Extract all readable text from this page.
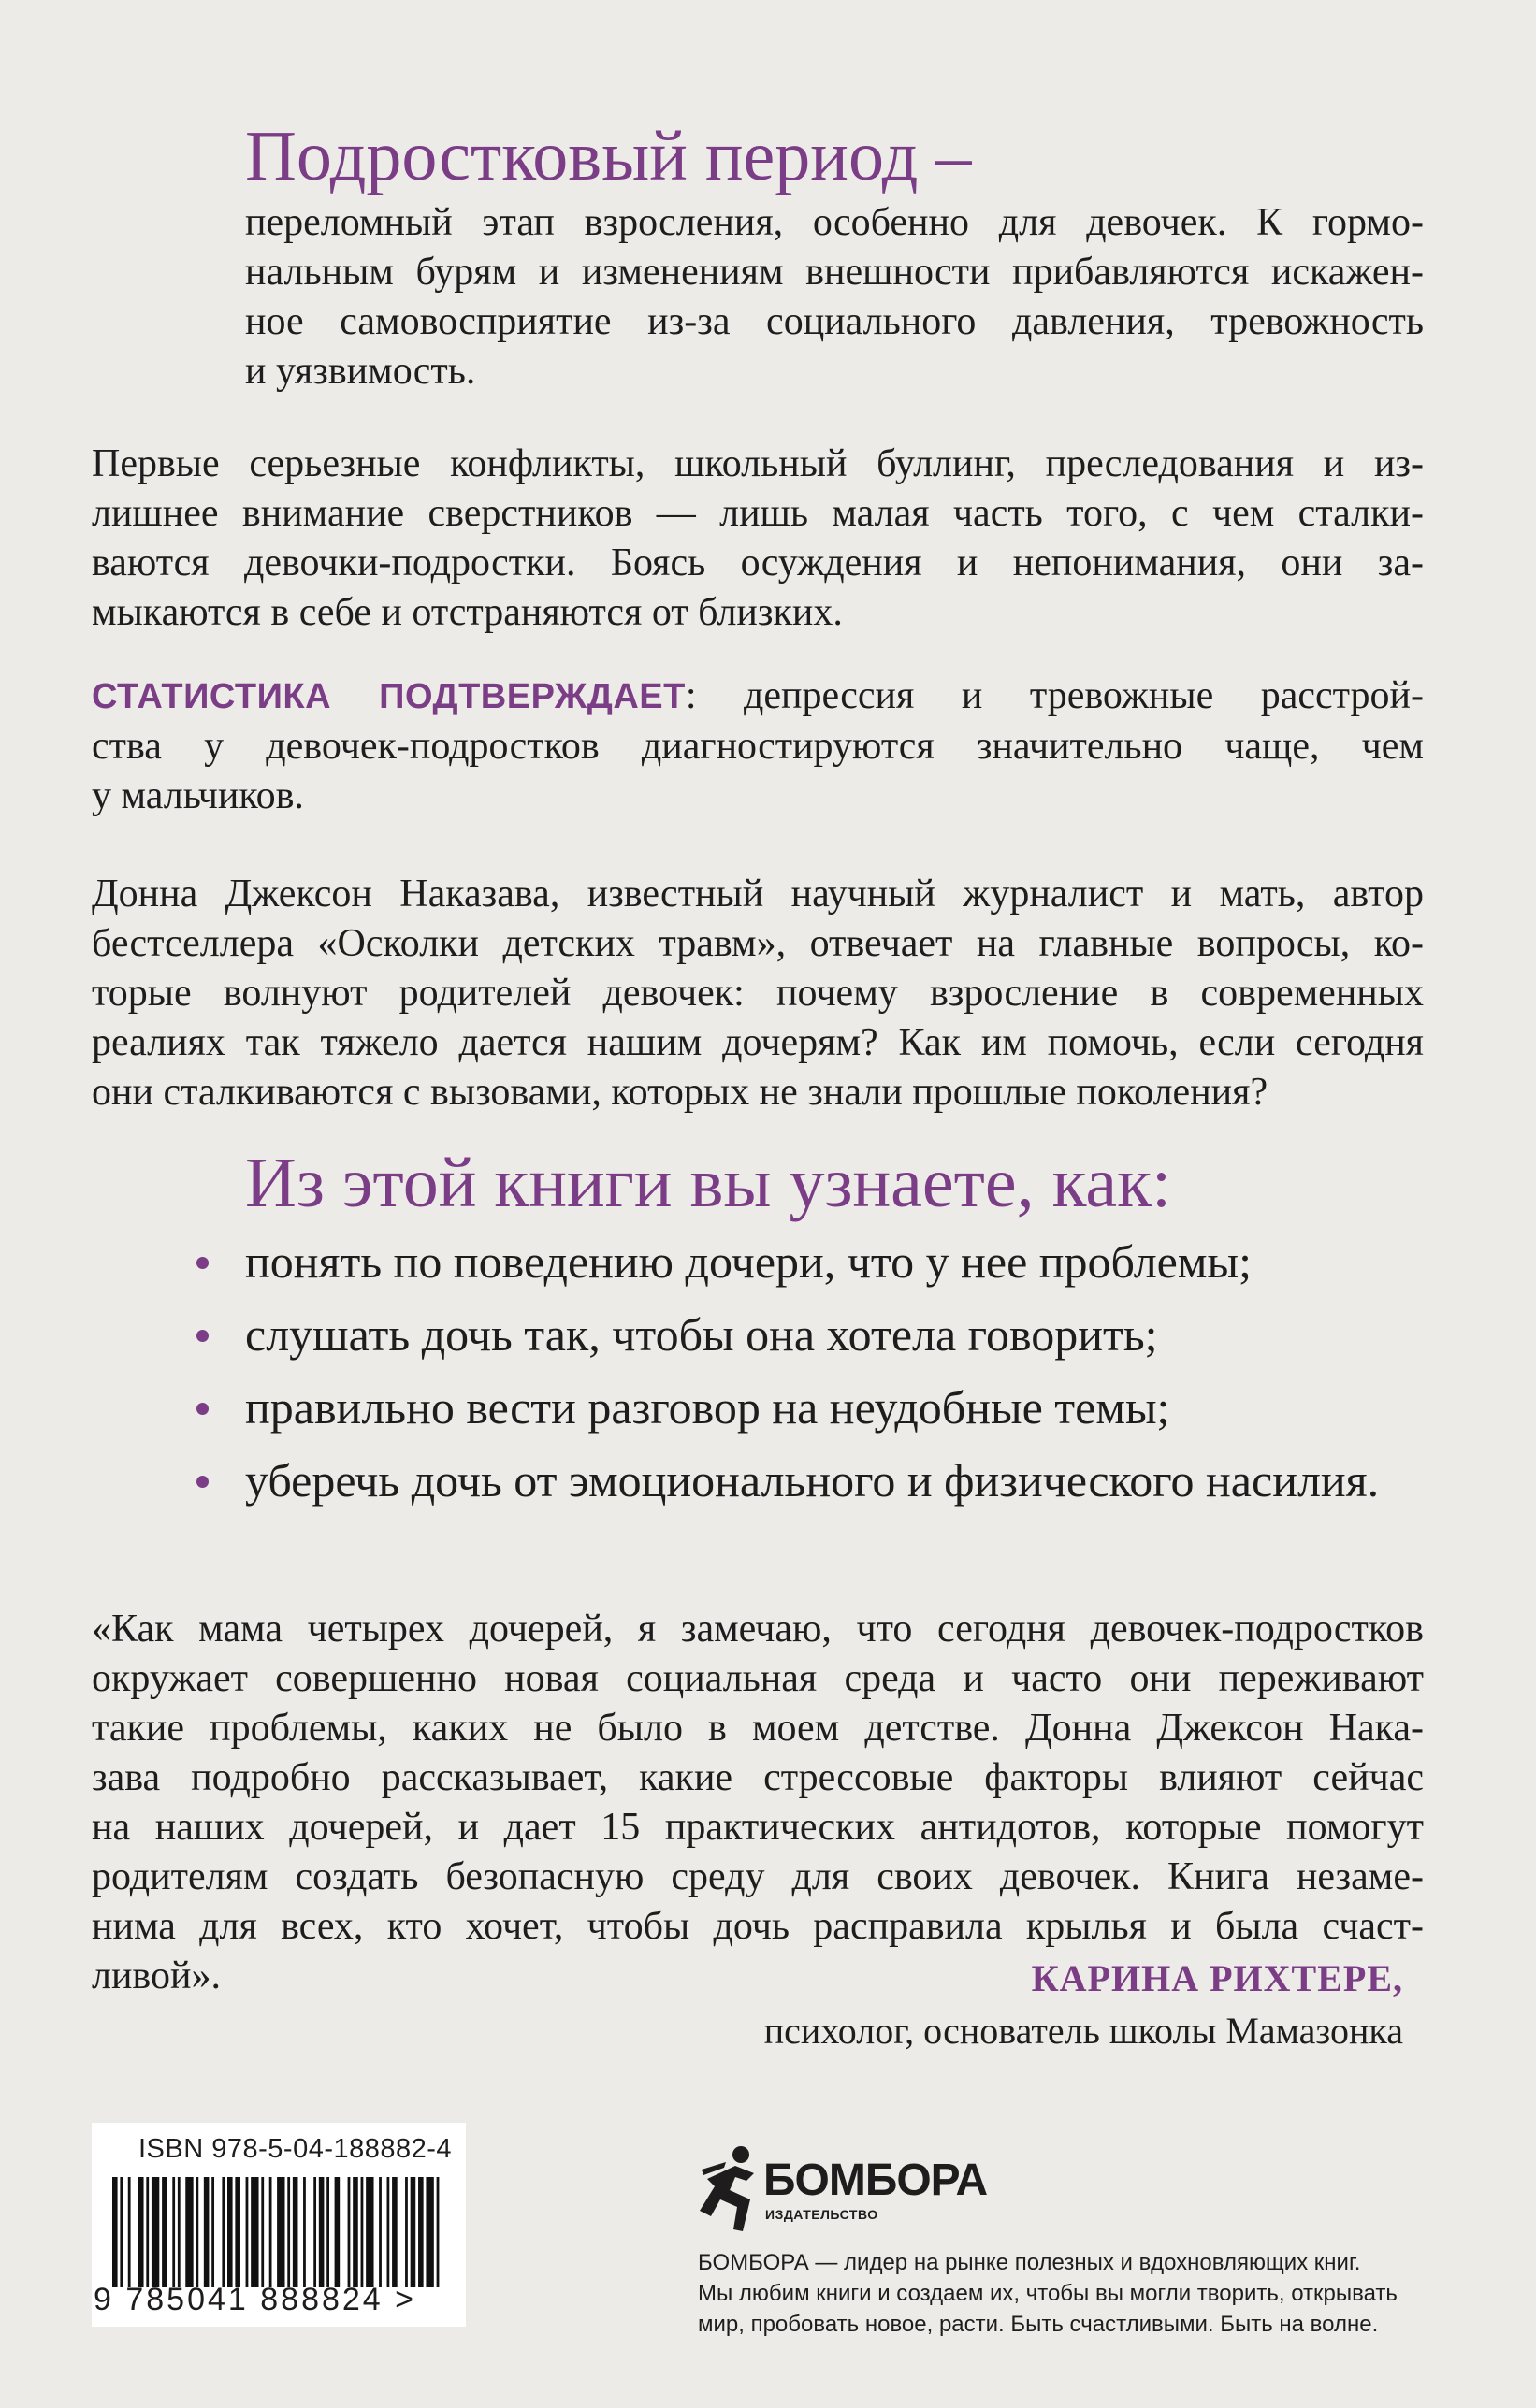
Подростковый период –

переломный этап взросления, особенно для девочек. К гормо-
нальным бурям и изменениям внешности прибавляются искажен-
ное самовосприятие из-за социального давления, тревожность
и уязвимость.

Первые серьезные конфликты, школьный буллинг, преследования и из-
лишнее внимание сверстников — лишь малая часть того, с чем сталки-
ваются девочки-подростки. Боясь осуждения и непонимания, они за-
мыкаются в себе и отстраняются от близких.

СТАТИСТИКА ПОДТВЕРЖДАЕТ: депрессия и тревожные расстрой-
ства у девочек-подростков диагностируются значительно чаще, чем
у мальчиков.

Донна Джексон Наказава, известный научный журналист и мать, автор
бестселлера «Осколки детских травм», отвечает на главные вопросы, ко-
торые волнуют родителей девочек: почему взросление в современных
реалиях так тяжело дается нашим дочерям? Как им помочь, если сегодня
они сталкиваются с вызовами, которых не знали прошлые поколения?

Из этой книги вы узнаете, как:
понять по поведению дочери, что у нее проблемы;
слушать дочь так, чтобы она хотела говорить;
правильно вести разговор на неудобные темы;
уберечь дочь от эмоционального и физического насилия.

«Как мама четырех дочерей, я замечаю, что сегодня девочек-подростков
окружает совершенно новая социальная среда и часто они переживают
такие проблемы, каких не было в моем детстве. Донна Джексон Нака-
зава подробно рассказывает, какие стрессовые факторы влияют сейчас
на наших дочерей, и дает 15 практических антидотов, которые помогут
родителям создать безопасную среду для своих девочек. Книга незаме-
нима для всех, кто хочет, чтобы дочь расправила крылья и была счаст-
ливой».	КАРИНА РИХТЕРЕ,
психолог, основатель школы Мамазонка
ISBN 978-5-04-188882-4
9 785041 888824 >
БОМБОРА
ИЗДАТЕЛЬСТВО
БОМБОРА — лидер на рынке полезных и вдохновляющих книг.
Мы любим книги и создаем их, чтобы вы могли творить, открывать
мир, пробовать новое, расти. Быть счастливыми. Быть на волне.
